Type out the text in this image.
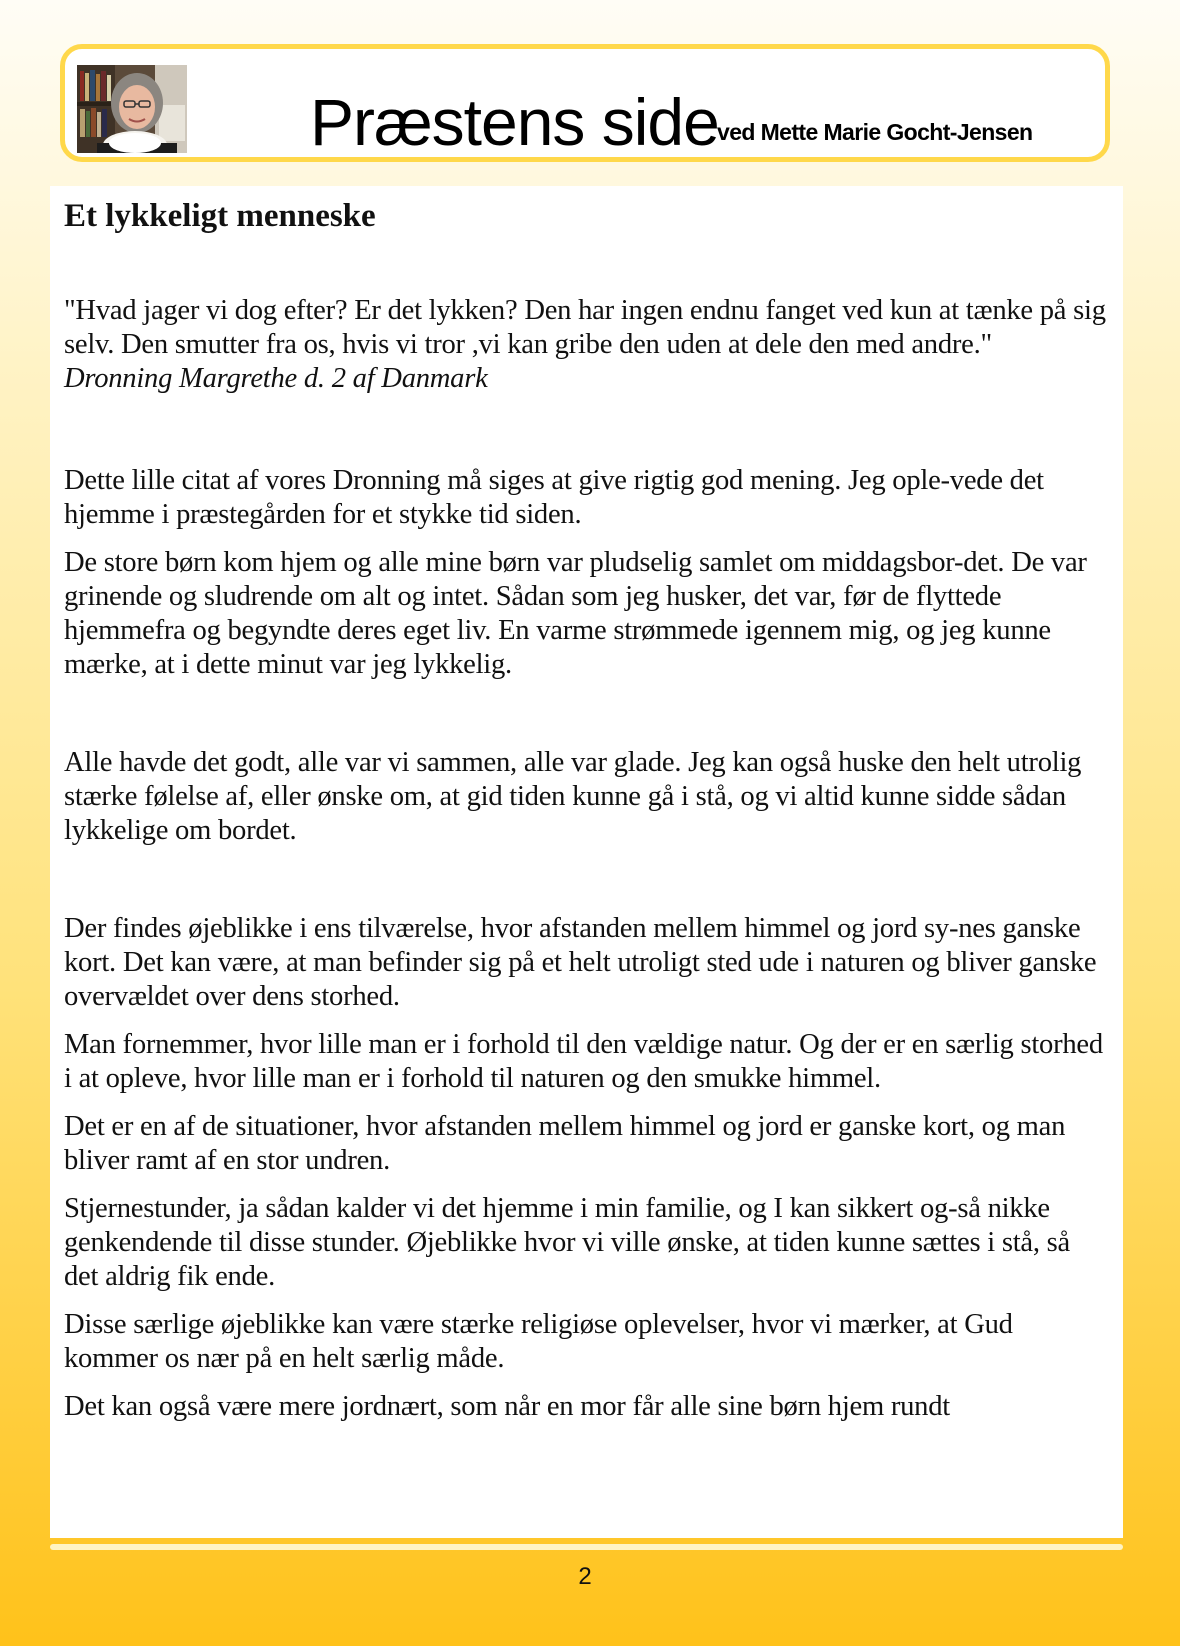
Præstens side
ved Mette Marie Gocht-Jensen
Et lykkeligt menneske

"Hvad jager vi dog efter? Er det lykken? Den har ingen endnu fanget ved kun at tænke på sig selv. Den smutter fra os, hvis vi tror ,vi kan gribe den uden at dele den med andre."

Dronning Margrethe d. 2 af Danmark

Dette lille citat af vores Dronning må siges at give rigtig god mening. Jeg ople-vede det hjemme i præstegården for et stykke tid siden.

De store børn kom hjem og alle mine børn var pludselig samlet om middagsbor-det. De var grinende og sludrende om alt og intet. Sådan som jeg husker, det var, før de flyttede hjemmefra og begyndte deres eget liv. En varme strømmede igennem mig, og jeg kunne mærke, at i dette minut var jeg lykkelig.

Alle havde det godt, alle var vi sammen, alle var glade. Jeg kan også huske den helt utrolig stærke følelse af, eller ønske om, at gid tiden kunne gå i stå, og vi altid kunne sidde sådan lykkelige om bordet.

Der findes øjeblikke i ens tilværelse, hvor afstanden mellem himmel og jord sy-nes ganske kort. Det kan være, at man befinder sig på et helt utroligt sted ude i naturen og bliver ganske overvældet over dens storhed.

Man fornemmer, hvor lille man er i forhold til den vældige natur. Og der er en særlig storhed i at opleve, hvor lille man er i forhold til naturen og den smukke himmel.

Det er en af de situationer, hvor afstanden mellem himmel og jord er ganske kort, og man bliver ramt af en stor undren.

Stjernestunder, ja sådan kalder vi det hjemme i min familie, og I kan sikkert og-så nikke genkendende til disse stunder. Øjeblikke hvor vi ville ønske, at tiden kunne sættes i stå, så det aldrig fik ende.

Disse særlige øjeblikke kan være stærke religiøse oplevelser, hvor vi mærker, at Gud kommer os nær på en helt særlig måde.

Det kan også være mere jordnært, som når en mor får alle sine børn hjem rundt

2
